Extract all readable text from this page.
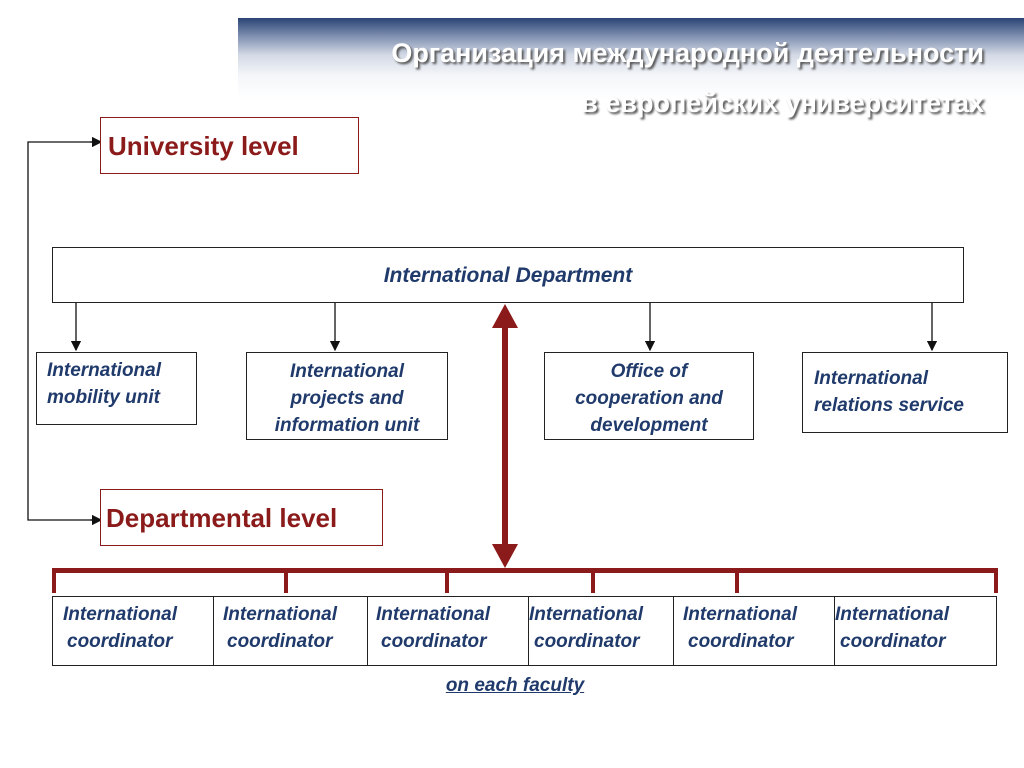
Организация международной деятельности
в европейских университетах
University level
International Department
International
mobility unit
International
projects and
information unit
Office of
cooperation and
development
International
relations service
Departmental level
International
coordinator
International
coordinator
International
coordinator
International
coordinator
International
coordinator
International
coordinator
on each faculty
